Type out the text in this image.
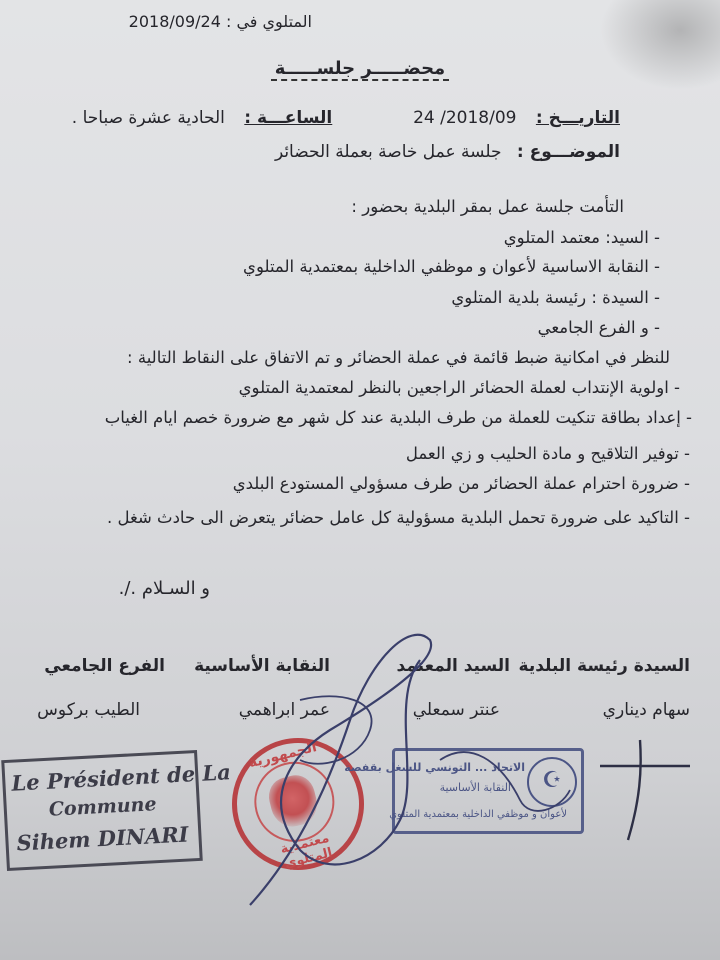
المتلوي في : 2018/09/24
محضـــــر جلســـــة
التاريـــخ : 2018/09/ 24  الساعـــة : الحادية عشرة صباحا .
الموضـــوع : جلسة عمل خاصة بعملة الحضائر
التأمت جلسة عمل بمقر البلدية بحضور :
- السيد: معتمد المتلوي
- النقابة الاساسية لأعوان و موظفي الداخلية بمعتمدية المتلوي
- السيدة : رئيسة بلدية المتلوي
- و الفرع الجامعي
للنظر في امكانية ضبط قائمة في عملة الحضائر و تم الاتفاق على النقاط التالية :
- اولوية الإنتداب لعملة الحضائر الراجعين بالنظر لمعتمدية المتلوي
- إعداد بطاقة تنكيت للعملة من طرف البلدية عند كل شهر مع ضرورة خصم ايام الغياب
- توفير التلاقيح و مادة الحليب و زي العمل
- ضرورة احترام عملة الحضائر من طرف مسؤولي المستودع البلدي
- التاكيد على ضرورة تحمل البلدية مسؤولية كل عامل حضائر يتعرض الى حادث شغل .
و السـلام ./.
السيدة رئيسة البلدية
سهام ديناري
السيد المعتمد
عنتر سمعلي
النقابة الأساسية
عمر ابراهمي
الفرع الجامعي
الطيب بركوس
Le Président de La
Commune
Sihem DINARI
الجمهورية
معتمدية المتلوي
☪
الاتحاد ... التونسي للشغل بقفصة
النقابة الأساسية
لأعوان و موظفي الداخلية بمعتمدية المتلوي
